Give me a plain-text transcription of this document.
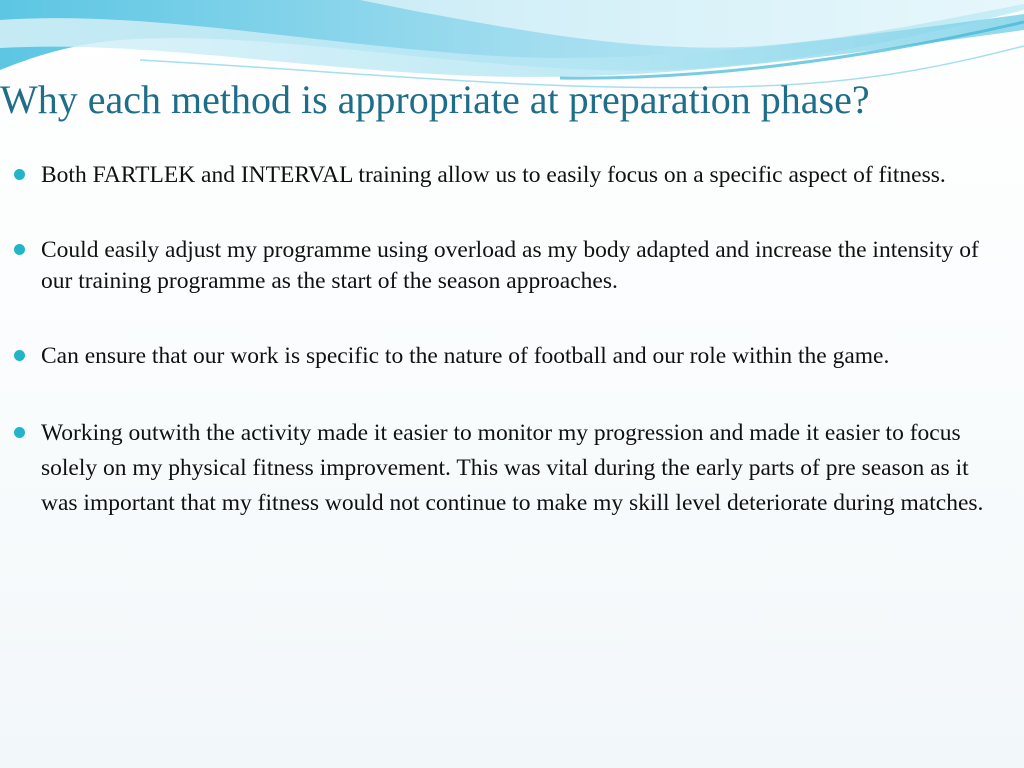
Why each method is appropriate at preparation phase?
Both FARTLEK and INTERVAL training allow us to easily focus on a specific aspect of fitness.
Could easily adjust my programme using overload as my body adapted and increase the intensity of our training programme as the start of the season approaches.
Can ensure that our work is specific to the nature of football and our role within the game.
Working outwith the activity made it easier to monitor my progression and made it easier to focus solely on my physical fitness improvement. This was vital during the early parts of pre season as it was important that my fitness would not continue to make my skill level deteriorate during matches.
